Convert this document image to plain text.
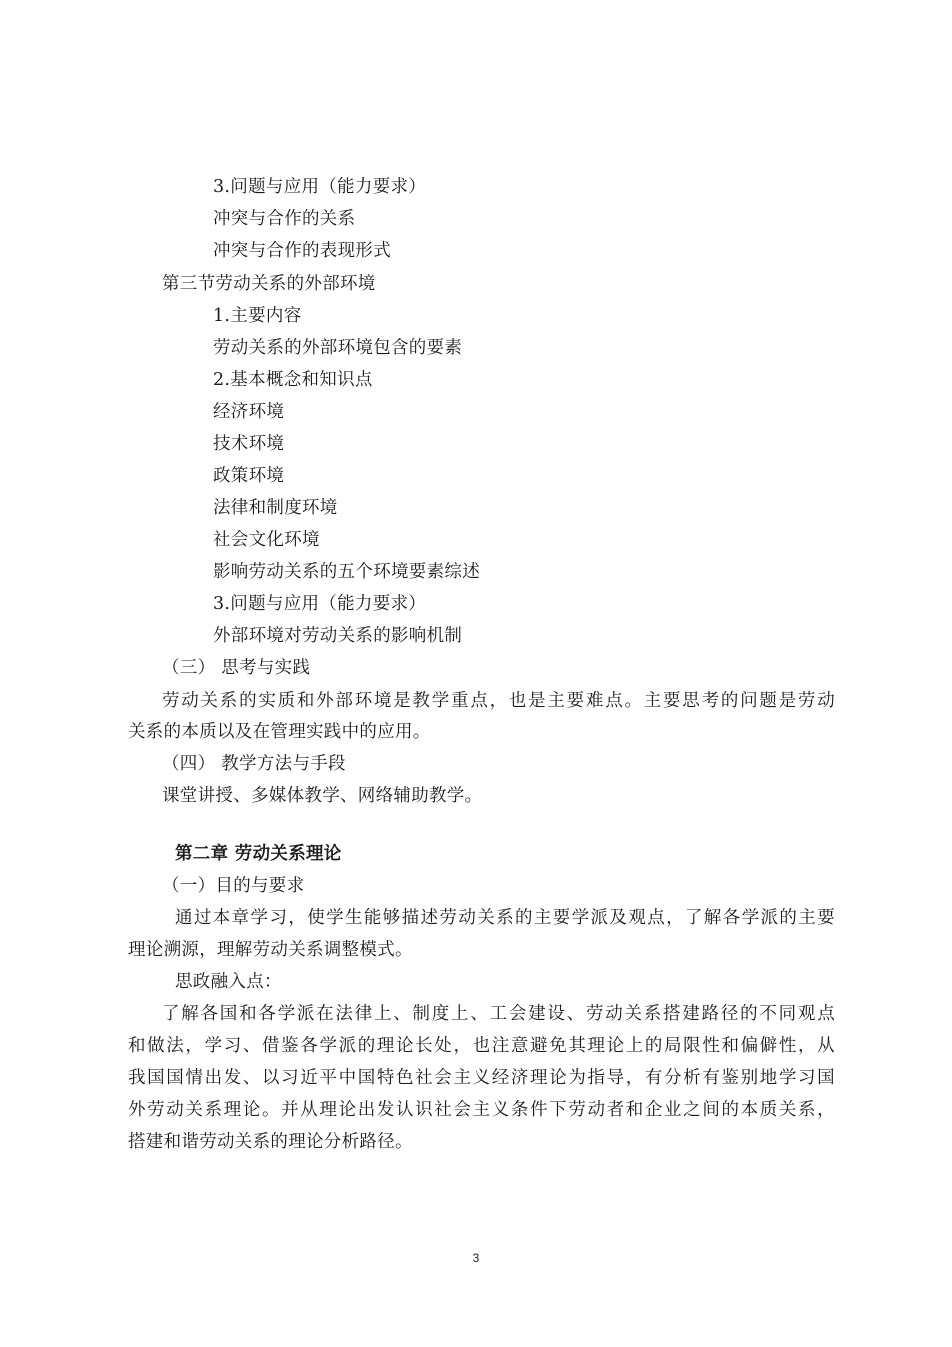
3.问题与应用（能力要求）
冲突与合作的关系
冲突与合作的表现形式
第三节劳动关系的外部环境
1.主要内容
劳动关系的外部环境包含的要素
2.基本概念和知识点
经济环境
技术环境
政策环境
法律和制度环境
社会文化环境
影响劳动关系的五个环境要素综述
3.问题与应用（能力要求）
外部环境对劳动关系的影响机制
（三） 思考与实践
劳动关系的实质和外部环境是教学重点，也是主要难点。主要思考的问题是劳动
关系的本质以及在管理实践中的应用。
（四） 教学方法与手段
课堂讲授、多媒体教学、网络辅助教学。
第二章 劳动关系理论
（一）目的与要求
通过本章学习，使学生能够描述劳动关系的主要学派及观点，了解各学派的主要
理论溯源，理解劳动关系调整模式。
思政融入点：
了解各国和各学派在法律上、制度上、工会建设、劳动关系搭建路径的不同观点
和做法，学习、借鉴各学派的理论长处，也注意避免其理论上的局限性和偏僻性，从
我国国情出发、以习近平中国特色社会主义经济理论为指导，有分析有鉴别地学习国
外劳动关系理论。并从理论出发认识社会主义条件下劳动者和企业之间的本质关系，
搭建和谐劳动关系的理论分析路径。
3
